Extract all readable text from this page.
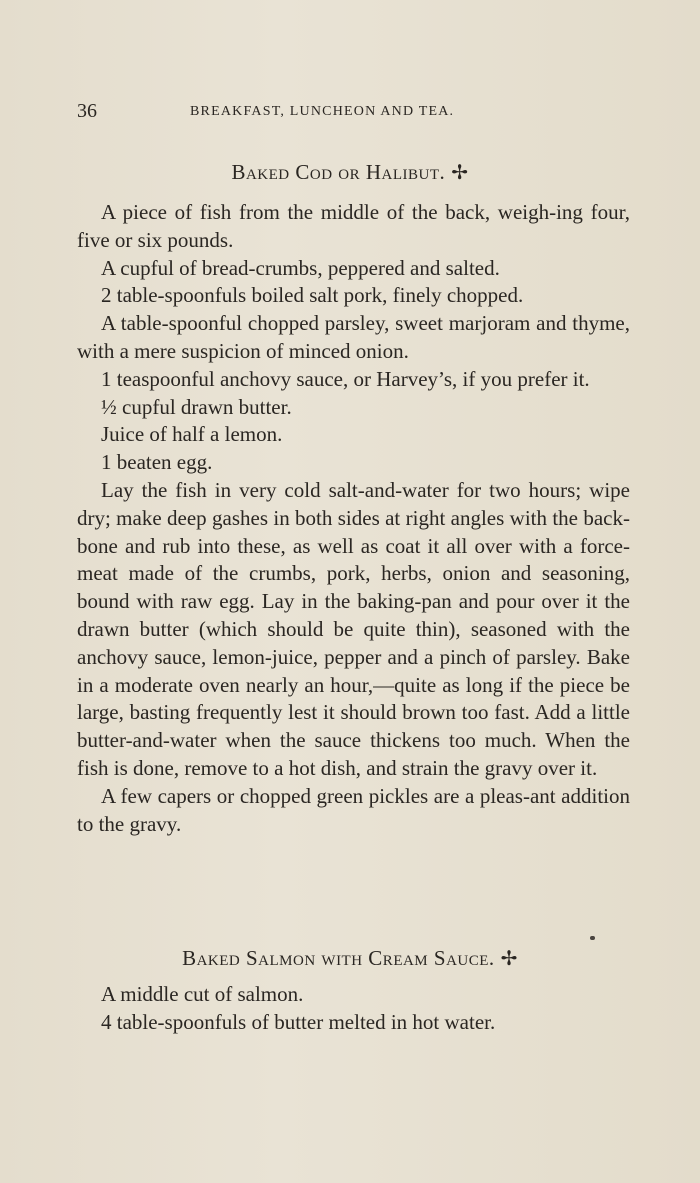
36	BREAKFAST, LUNCHEON AND TEA.
Baked Cod or Halibut. ✢

A piece of fish from the middle of the back, weigh-ing four, five or six pounds.

A cupful of bread-crumbs, peppered and salted.

2 table-spoonfuls boiled salt pork, finely chopped.

A table-spoonful chopped parsley, sweet marjoram and thyme, with a mere suspicion of minced onion.

1 teaspoonful anchovy sauce, or Harvey’s, if you prefer it.

½ cupful drawn butter.

Juice of half a lemon.

1 beaten egg.

Lay the fish in very cold salt-and-water for two hours; wipe dry; make deep gashes in both sides at right angles with the back-bone and rub into these, as well as coat it all over with a force-meat made of the crumbs, pork, herbs, onion and seasoning, bound with raw egg. Lay in the baking-pan and pour over it the drawn butter (which should be quite thin), seasoned with the anchovy sauce, lemon-juice, pepper and a pinch of parsley. Bake in a moderate oven nearly an hour,—quite as long if the piece be large, basting frequently lest it should brown too fast. Add a little butter-and-water when the sauce thickens too much. When the fish is done, remove to a hot dish, and strain the gravy over it.

A few capers or chopped green pickles are a pleas-ant addition to the gravy.

Baked Salmon with Cream Sauce. ✢

A middle cut of salmon.

4 table-spoonfuls of butter melted in hot water.
